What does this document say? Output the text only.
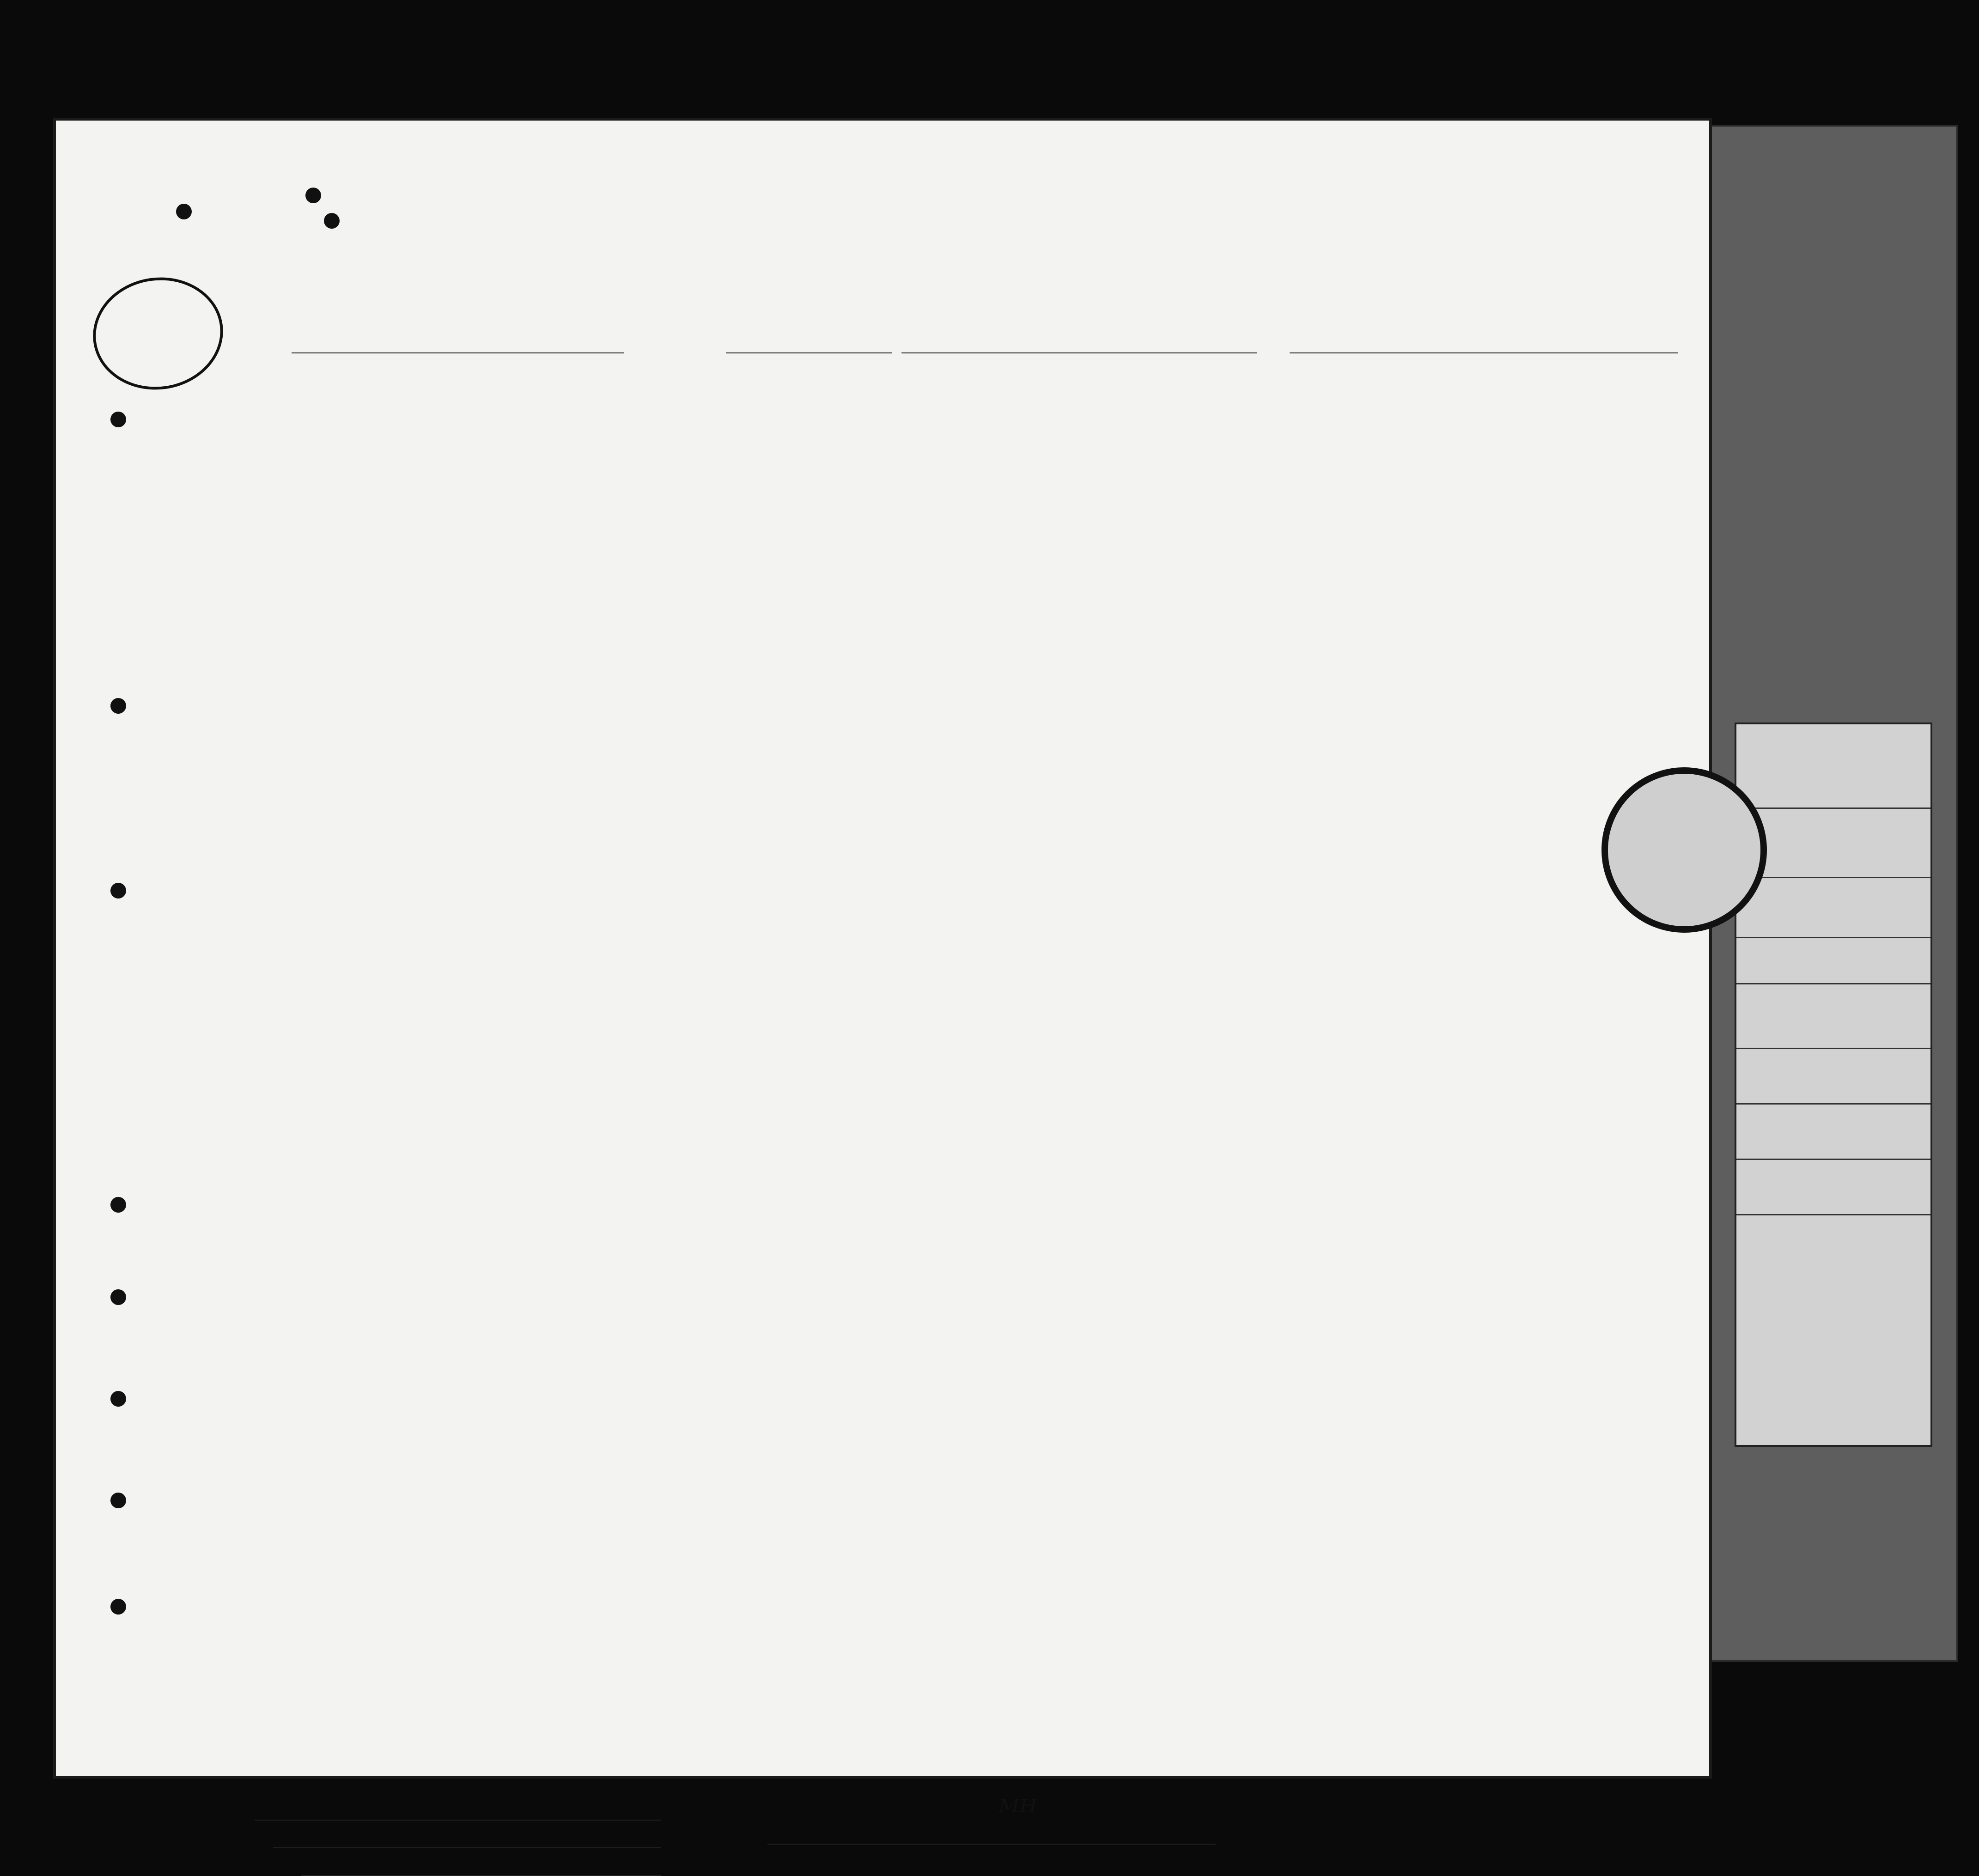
ᴹᴴ
